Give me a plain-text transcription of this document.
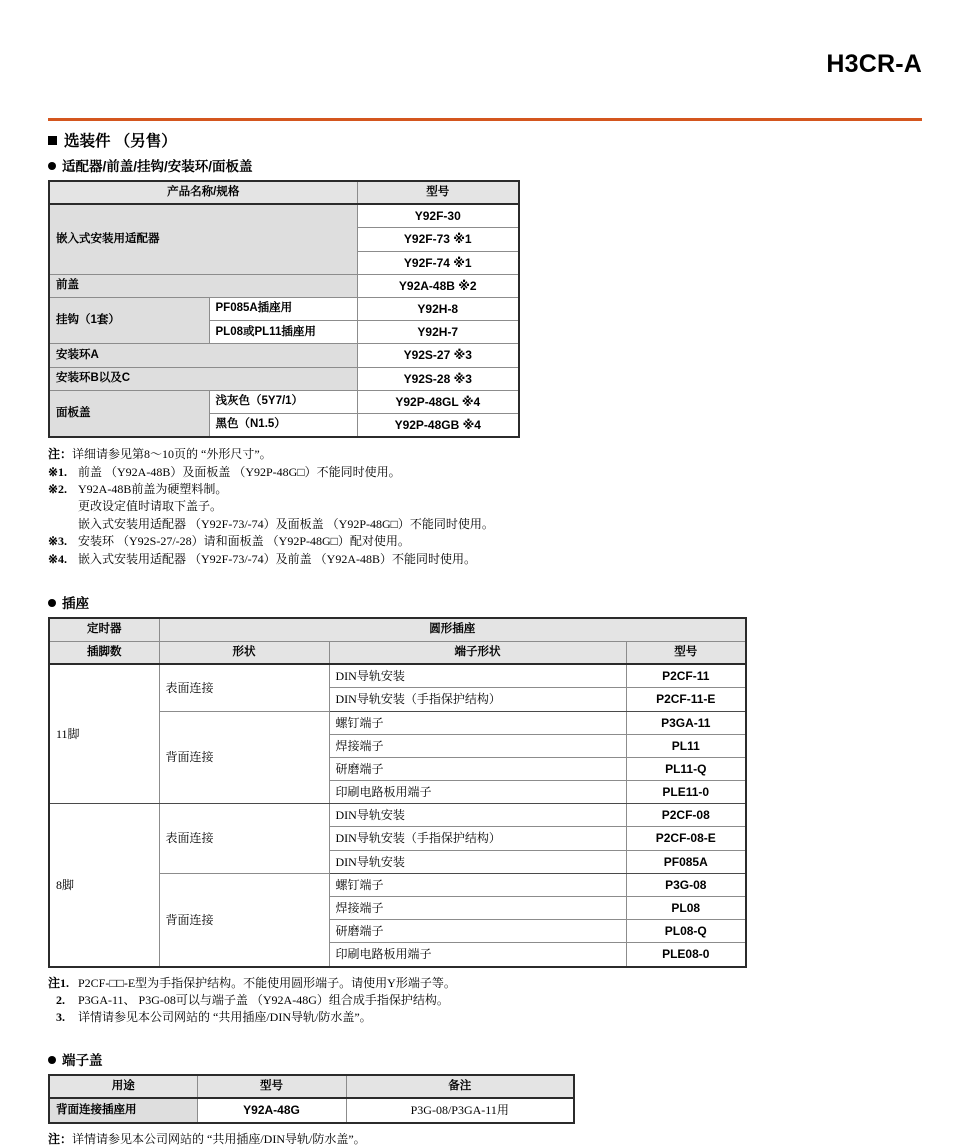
H3CR-A
选装件 （另售）
适配器/前盖/挂钩/安装环/面板盖
产品名称/规格		型号
嵌入式安装用适配器		Y92F-30
		Y92F-73 ※1
		Y92F-74 ※1
前盖		Y92A-48B ※2
挂钩（1套）	PF085A插座用	Y92H-8
	PL08或PL11插座用	Y92H-7
安装环A		Y92S-27 ※3
安装环B以及C		Y92S-28 ※3
面板盖	浅灰色（5Y7/1）	Y92P-48GL ※4
	黑色（N1.5）	Y92P-48GB ※4
注： 详细请参见第8～10页的 “外形尺寸”。
※1. 前盖 （Y92A-48B）及面板盖 （Y92P-48G□）不能同时使用。
※2. Y92A-48B前盖为硬塑料制。
更改设定值时请取下盖子。
嵌入式安装用适配器 （Y92F-73/-74）及面板盖 （Y92P-48G□）不能同时使用。
※3. 安装环 （Y92S-27/-28）请和面板盖 （Y92P-48G□）配对使用。
※4. 嵌入式安装用适配器 （Y92F-73/-74）及前盖 （Y92A-48B）不能同时使用。
插座
定时器	圆形插座		
插脚数	形状	端子形状	型号
11脚	表面连接	DIN导轨安装	P2CF-11
		DIN导轨安装（手指保护结构）	P2CF-11-E
	背面连接	螺钉端子	P3GA-11
		焊接端子	PL11
		研磨端子	PL11-Q
		印刷电路板用端子	PLE11-0
8脚	表面连接	DIN导轨安装	P2CF-08
		DIN导轨安装（手指保护结构）	P2CF-08-E
		DIN导轨安装	PF085A
	背面连接	螺钉端子	P3G-08
		焊接端子	PL08
		研磨端子	PL08-Q
		印刷电路板用端子	PLE08-0
注1. P2CF-□□-E型为手指保护结构。不能使用圆形端子。请使用Y形端子等。
2.	P3GA-11、 P3G-08可以与端子盖 （Y92A-48G）组合成手指保护结构。
3.	详情请参见本公司网站的 “共用插座/DIN导轨/防水盖”。
端子盖
用途	型号	备注
背面连接插座用	Y92A-48G	P3G-08/P3GA-11用
注： 详情请参见本公司网站的 “共用插座/DIN导轨/防水盖”。
